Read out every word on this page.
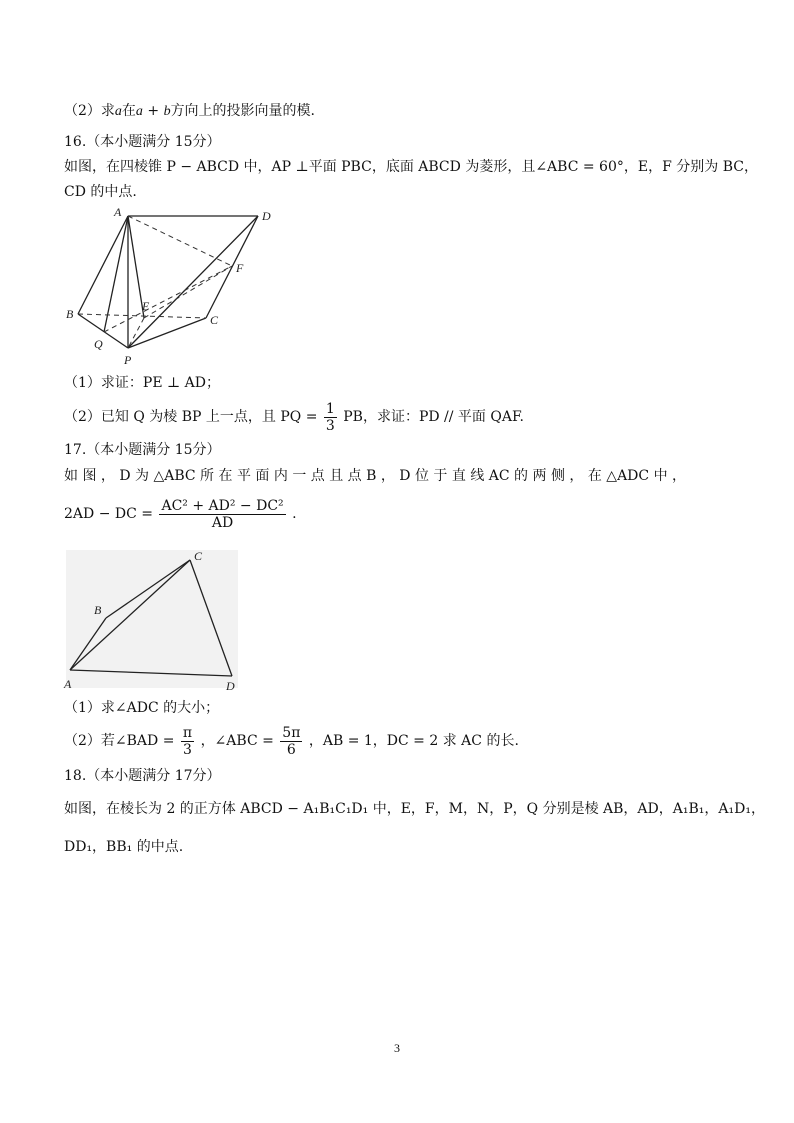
（2）求a在a + b方向上的投影向量的模.
16.（本小题满分 15分）
如图，在四棱锥 P − ABCD 中，AP ⊥平面 PBC，底面 ABCD 为菱形，且∠ABC = 60°，E，F 分别为 BC，
CD 的中点.
A	D
F
B
E
C
Q
P
（1）求证：PE ⊥ AD；
（2）已知 Q 为棱 BP 上一点，且 PQ = $\frac{1}{3}$ PB，求证：PD // 平面 QAF.
17.（本小题满分 15分）
如 图 ， D 为 △ABC 所 在 平 面 内 一 点 且 点 B ， D 位 于 直 线 AC 的 两 侧 ， 在 △ADC 中 ，
2AD − DC = $\frac{\text{AC² + AD² − DC²}}{AD}$ .
C
B
A	D
（1）求∠ADC 的大小；
（2）若∠BAD = $\frac{\pi}{3}$ ，∠ABC = $\frac{5\pi}{6}$ ，AB = 1，DC = 2 求 AC 的长.
18.（本小题满分 17分）
如图，在棱长为 2 的正方体 ABCD − A₁B₁C₁D₁ 中，E，F，M，N，P，Q 分别是棱 AB，AD，A₁B₁，A₁D₁，
DD₁，BB₁ 的中点.
3
